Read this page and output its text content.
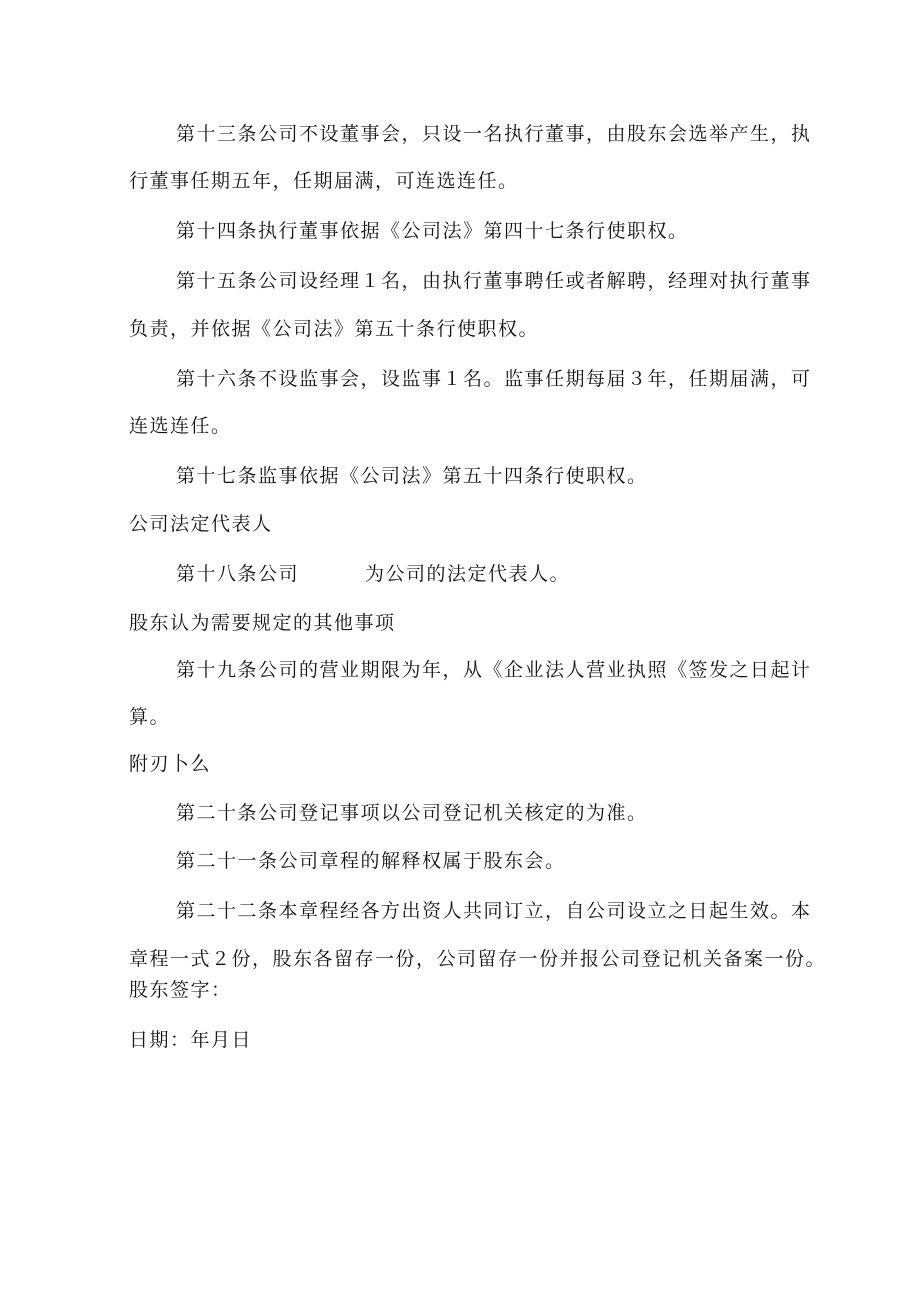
第十三条公司不设董事会，只设一名执行董事，由股东会选举产生，执
行董事任期五年，任期届满，可连选连任。
第十四条执行董事依据《公司法》第四十七条行使职权。
第十五条公司设经理１名，由执行董事聘任或者解聘，经理对执行董事
负责，并依据《公司法》第五十条行使职权。
第十六条不设监事会，设监事１名。监事任期每届３年，任期届满，可
连选连任。
第十七条监事依据《公司法》第五十四条行使职权。
公司法定代表人
第十八条公司	为公司的法定代表人。
股东认为需要规定的其他事项
第十九条公司的营业期限为年，从《企业法人营业执照《签发之日起计
算。
附刃卜么
第二十条公司登记事项以公司登记机关核定的为准。
第二十一条公司章程的解释权属于股东会。
第二十二条本章程经各方出资人共同订立，自公司设立之日起生效。本
章程一式２份，股东各留存一份，公司留存一份并报公司登记机关备案一份。
股东签字：
日期：年月日
